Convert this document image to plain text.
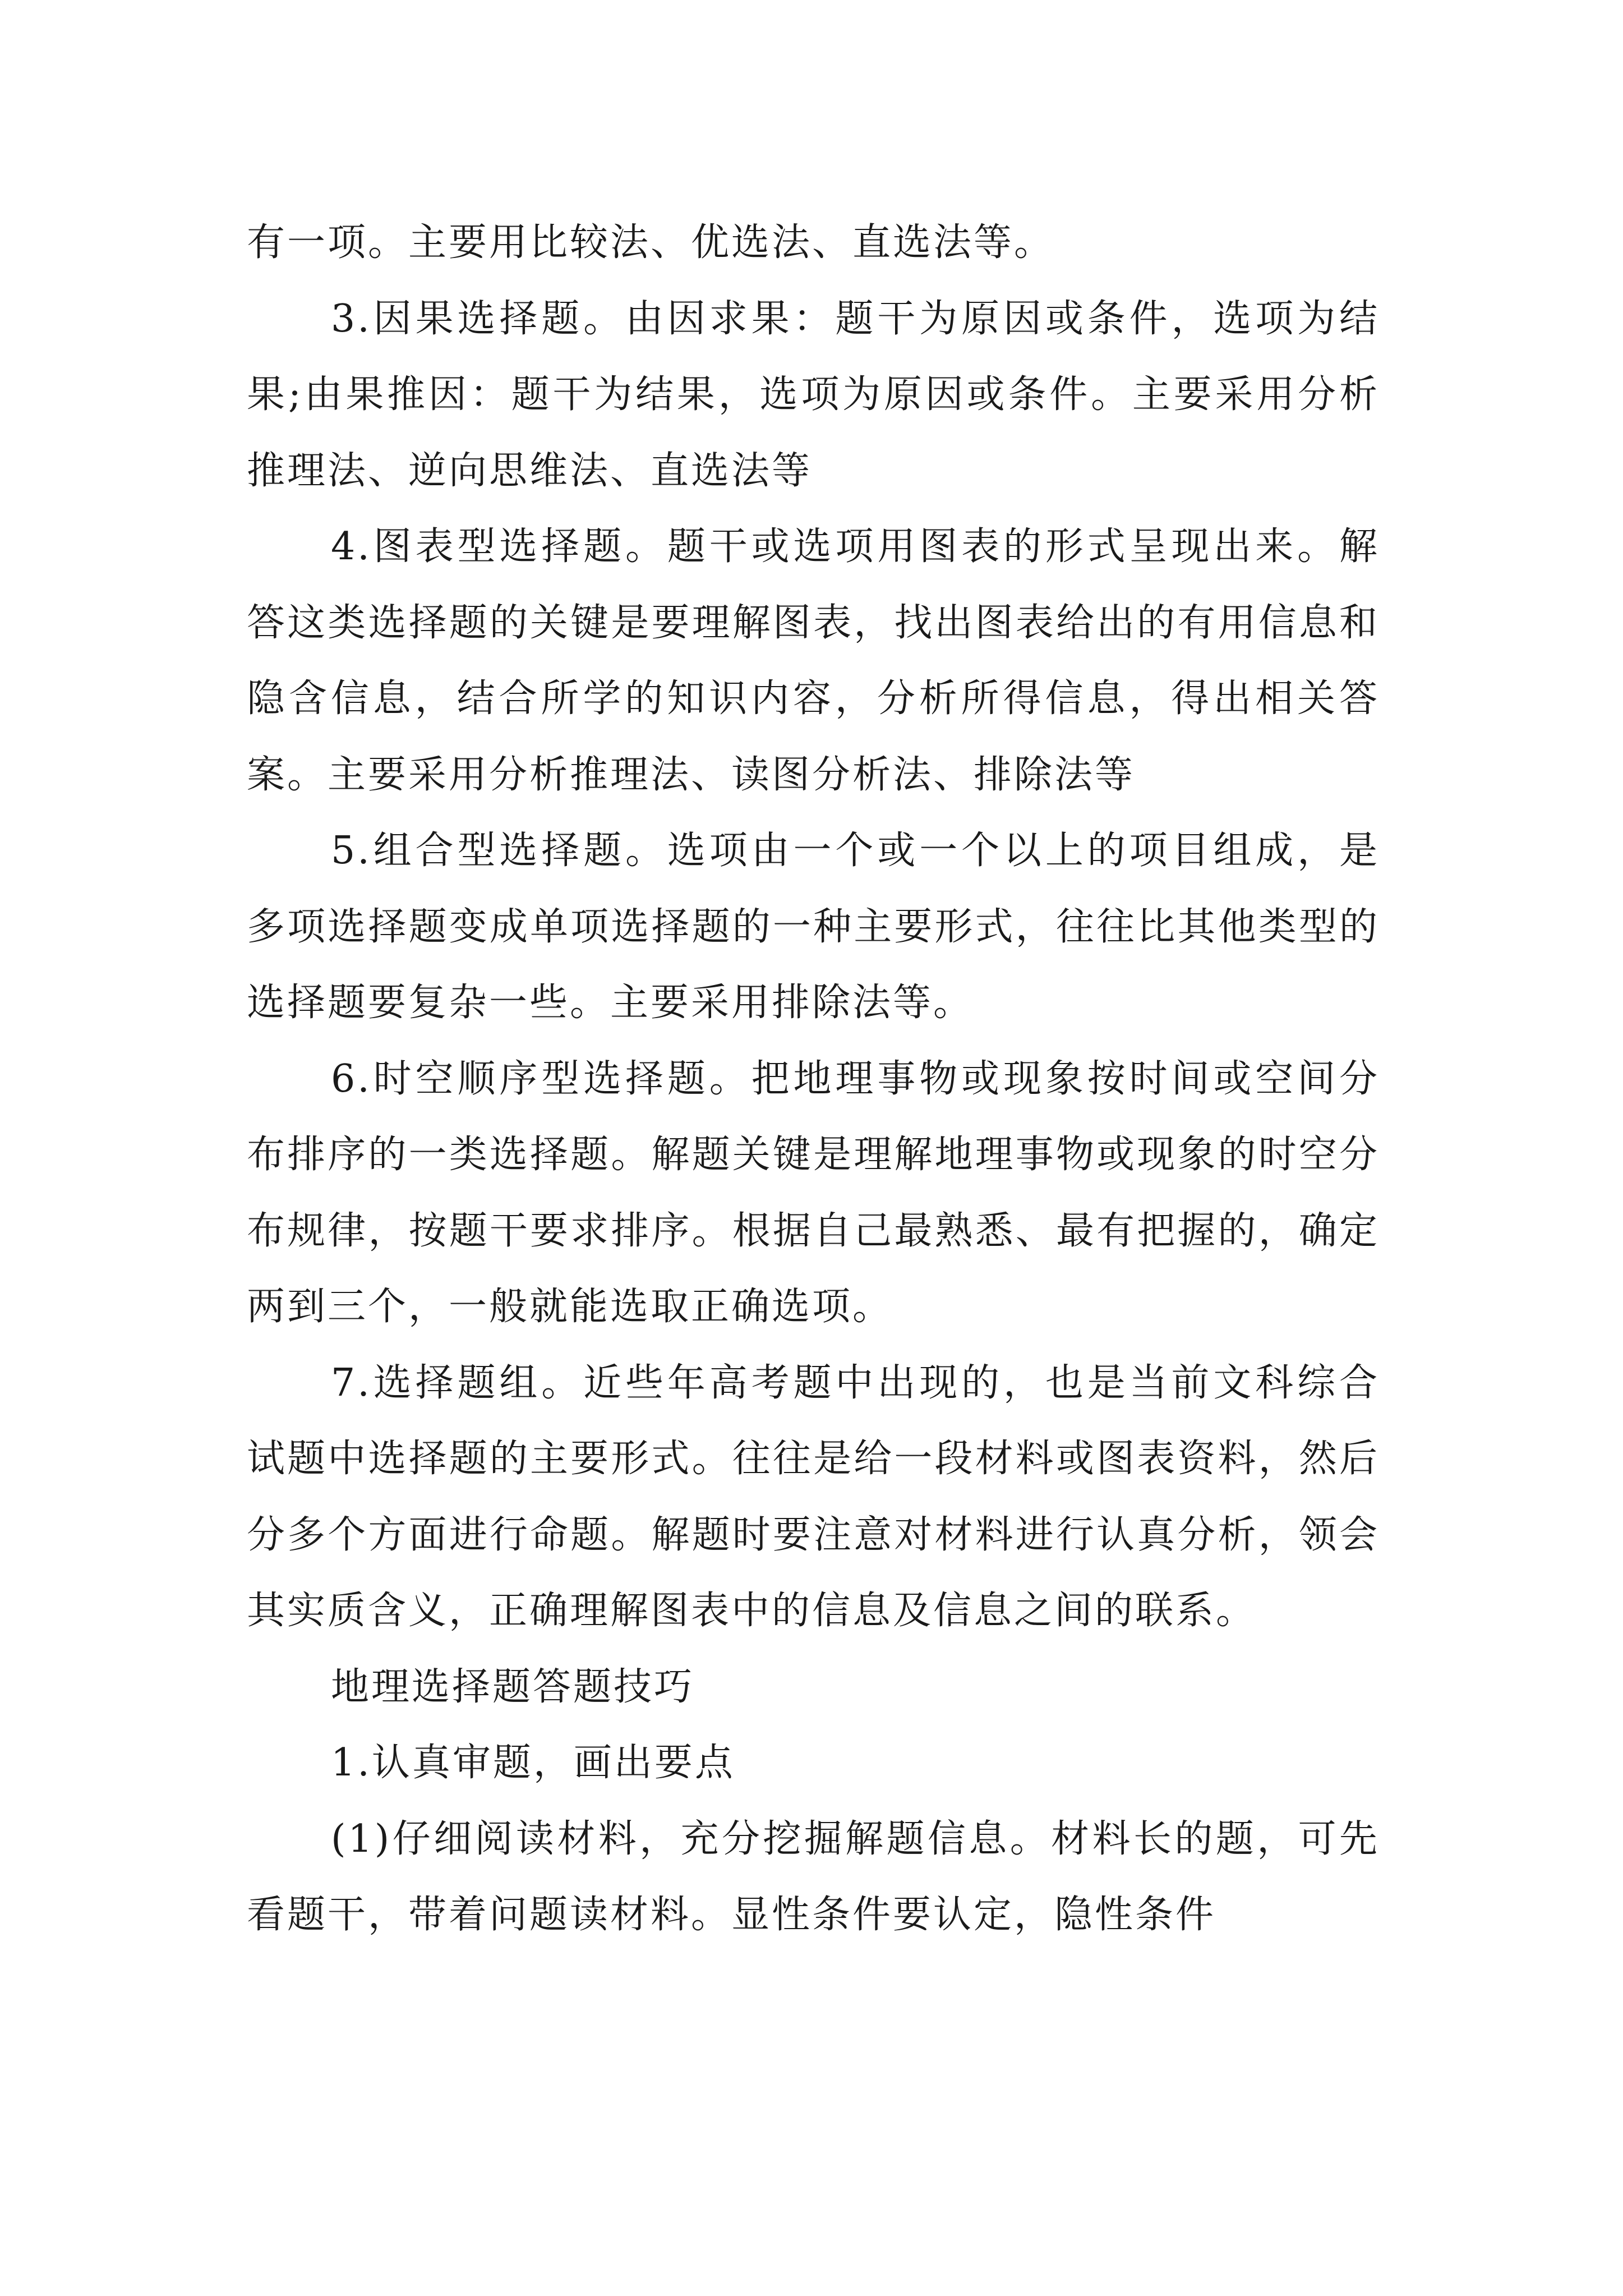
有一项。主要用比较法、优选法、直选法等。

3.因果选择题。由因求果：题干为原因或条件，选项为结果;由果推因：题干为结果，选项为原因或条件。主要采用分析推理法、逆向思维法、直选法等

4.图表型选择题。题干或选项用图表的形式呈现出来。解答这类选择题的关键是要理解图表，找出图表给出的有用信息和隐含信息，结合所学的知识内容，分析所得信息，得出相关答案。主要采用分析推理法、读图分析法、排除法等

5.组合型选择题。选项由一个或一个以上的项目组成，是多项选择题变成单项选择题的一种主要形式，往往比其他类型的选择题要复杂一些。主要采用排除法等。

6.时空顺序型选择题。把地理事物或现象按时间或空间分布排序的一类选择题。解题关键是理解地理事物或现象的时空分布规律，按题干要求排序。根据自己最熟悉、最有把握的，确定两到三个，一般就能选取正确选项。

7.选择题组。近些年高考题中出现的，也是当前文科综合试题中选择题的主要形式。往往是给一段材料或图表资料，然后分多个方面进行命题。解题时要注意对材料进行认真分析，领会其实质含义，正确理解图表中的信息及信息之间的联系。

地理选择题答题技巧

1.认真审题，画出要点

(1)仔细阅读材料，充分挖掘解题信息。材料长的题，可先看题干，带着问题读材料。显性条件要认定，隐性条件
